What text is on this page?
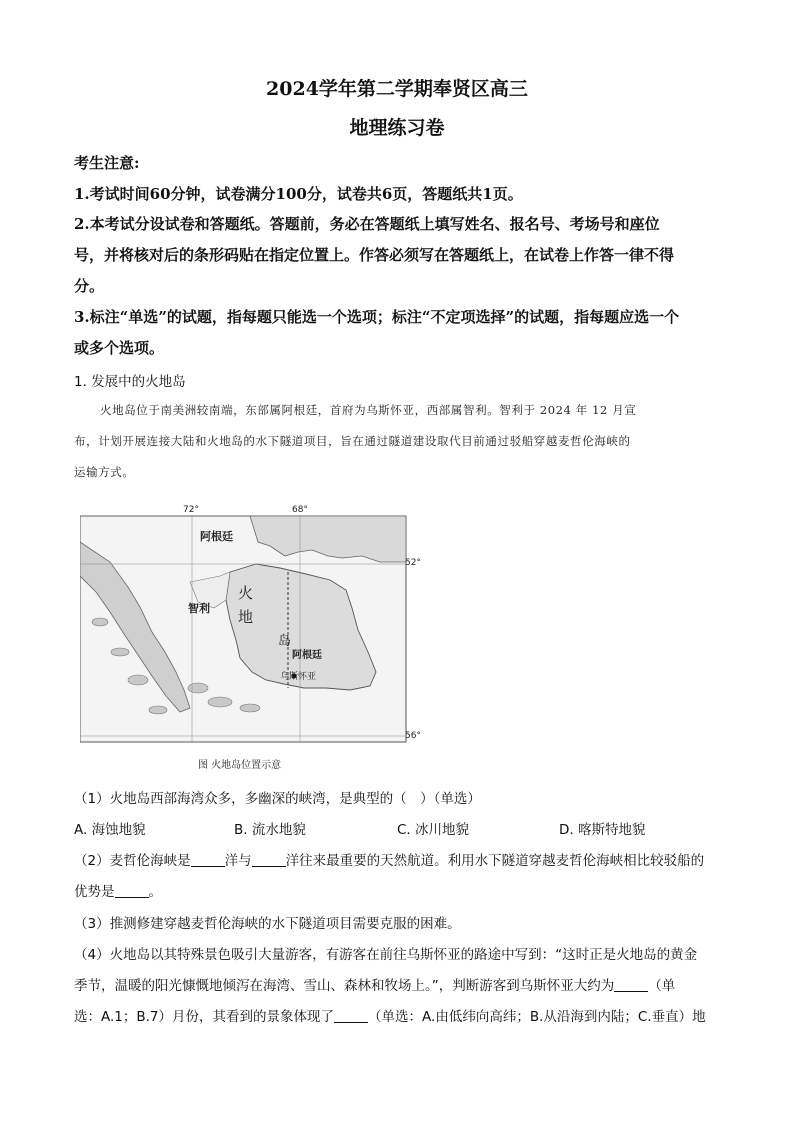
2024学年第二学期奉贤区高三
地理练习卷
考生注意:
1.考试时间60分钟，试卷满分100分，试卷共6页，答题纸共1页。
2.本考试分设试卷和答题纸。答题前，务必在答题纸上填写姓名、报名号、考场号和座位
号，并将核对后的条形码贴在指定位置上。作答必须写在答题纸上，在试卷上作答一律不得
分。
3.标注“单选”的试题，指每题只能选一个选项；标注“不定项选择”的试题，指每题应选一个
或多个选项。
1. 发展中的火地岛
火地岛位于南美洲较南端，东部属阿根廷，首府为乌斯怀亚，西部属智利。智利于 2024 年 12 月宣
布，计划开展连接大陆和火地岛的水下隧道项目，旨在通过隧道建设取代目前通过驳船穿越麦哲伦海峡的
运输方式。
72°	68°
52°
56°
阿根廷
智利
火
地
岛
阿根廷
乌斯怀亚
图 火地岛位置示意
（1）火地岛西部海湾众多，多幽深的峡湾，是典型的（　）（单选）
A. 海蚀地貌	B. 流水地貌	C. 冰川地貌	D. 喀斯特地貌
（2）麦哲伦海峡是	洋与	洋往来最重要的天然航道。利用水下隧道穿越麦哲伦海峡相比较驳船的
优势是	。
（3）推测修建穿越麦哲伦海峡的水下隧道项目需要克服的困难。
（4）火地岛以其特殊景色吸引大量游客，有游客在前往乌斯怀亚的路途中写到：“这时正是火地岛的黄金
季节，温暖的阳光慷慨地倾泻在海湾、雪山、森林和牧场上。”，判断游客到乌斯怀亚大约为	（单
选：A.1；B.7）月份，其看到的景象体现了	（单选：A.由低纬向高纬；B.从沿海到内陆；C.垂直）地
